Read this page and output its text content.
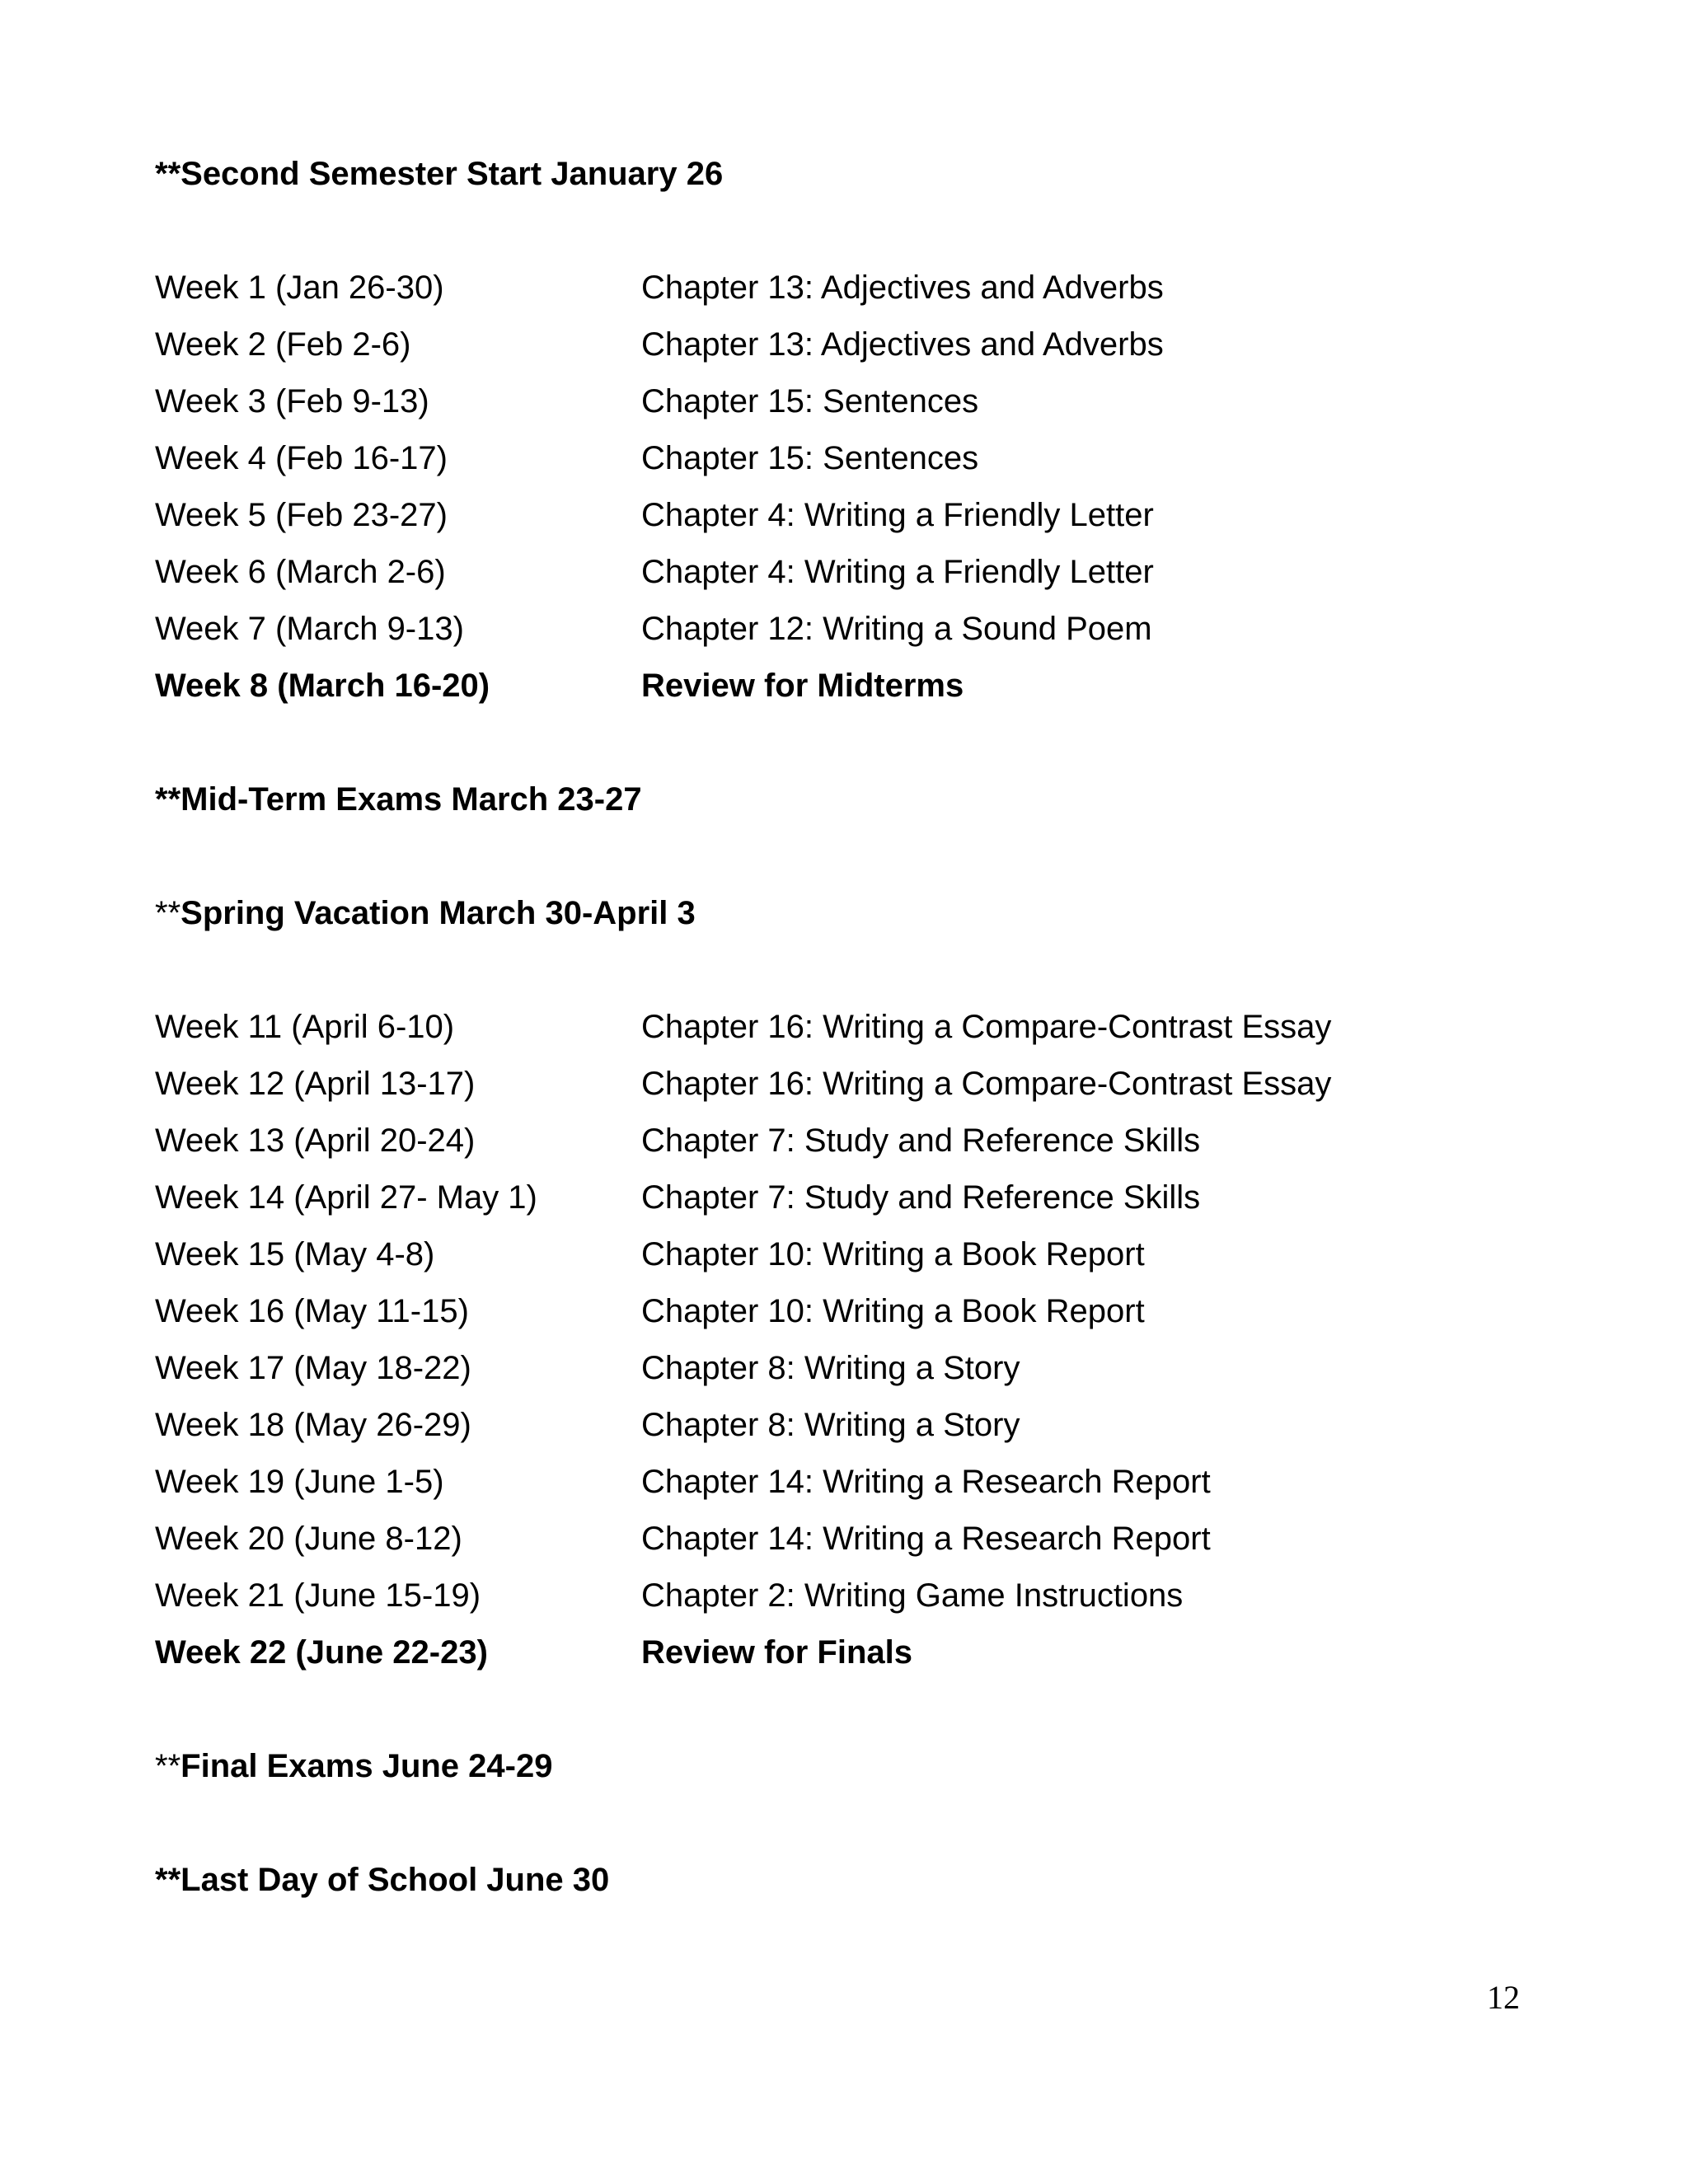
**Second Semester Start January 26
Week 1 (Jan 26-30)	Chapter 13: Adjectives and Adverbs
Week 2 (Feb 2-6)	Chapter 13: Adjectives and Adverbs
Week 3 (Feb 9-13)	Chapter 15: Sentences
Week 4 (Feb 16-17)	Chapter 15: Sentences
Week 5 (Feb 23-27)	Chapter 4: Writing a Friendly Letter
Week 6 (March 2-6)	Chapter 4: Writing a Friendly Letter
Week 7 (March 9-13)	Chapter 12: Writing a Sound Poem
Week 8 (March 16-20)	Review for Midterms
**Mid-Term Exams March 23-27
**Spring Vacation March 30-April 3
Week 11 (April 6-10)	Chapter 16: Writing a Compare-Contrast Essay
Week 12 (April 13-17)	Chapter 16: Writing a Compare-Contrast Essay
Week 13 (April 20-24)	Chapter 7: Study and Reference Skills
Week 14 (April 27- May 1)	Chapter 7: Study and Reference Skills
Week 15 (May 4-8)	Chapter 10: Writing a Book Report
Week 16 (May 11-15)	Chapter 10: Writing a Book Report
Week 17 (May 18-22)	Chapter 8: Writing a Story
Week 18 (May 26-29)	Chapter 8: Writing a Story
Week 19 (June 1-5)	Chapter 14: Writing a Research Report
Week 20 (June 8-12)	Chapter 14: Writing a Research Report
Week 21 (June 15-19)	Chapter 2: Writing Game Instructions
Week 22 (June 22-23)	Review for Finals
**Final Exams June 24-29
**Last Day of School June 30
12
